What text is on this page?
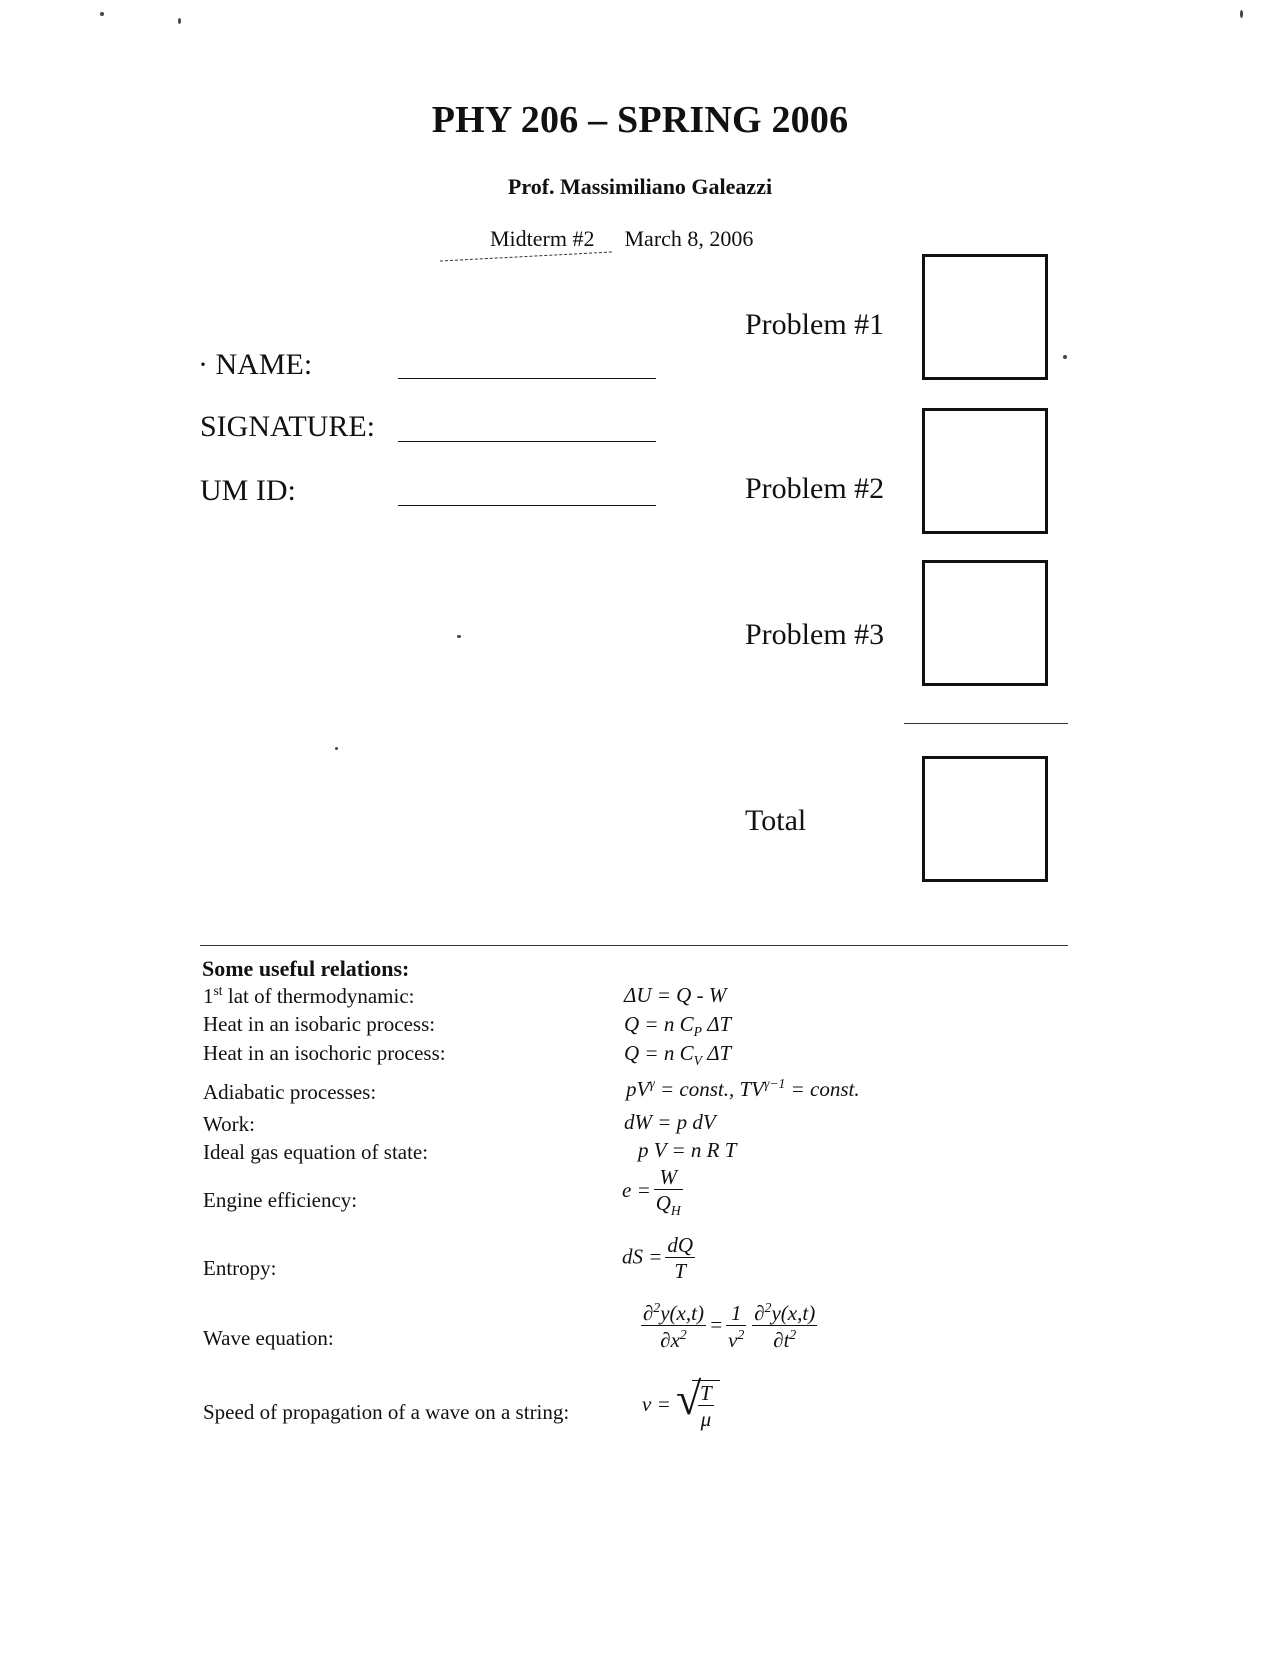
PHY 206 – SPRING 2006
Prof. Massimiliano Galeazzi
Midterm #2 March 8, 2006
· NAME:
SIGNATURE:
UM ID:
Problem #1
Problem #2
Problem #3
Total
Some useful relations:
1st lat of thermodynamic:	ΔU = Q - W
Heat in an isobaric process:	Q = n $C_P$ ΔT
Heat in an isochoric process:	Q = n $C_V$ ΔT
Adiabatic processes:	$pV^\gamma$ = const., $TV^{\gamma-1}$ = const.
Work:	dW = p dV
Ideal gas equation of state:	p V = n R T
Engine efficiency:	$e = \frac{W}{Q_H}$
Entropy:	dS = $\frac{dQ}{T}$
Wave equation:	$\frac{\partial^2y(x,t)}{\partial x^2} = \frac{1}{v^2} \frac{\partial^2y(x,t)}{\partial t^2}$
Speed of propagation of a wave on a string:	v = √
$\frac{T}{\mu}$
